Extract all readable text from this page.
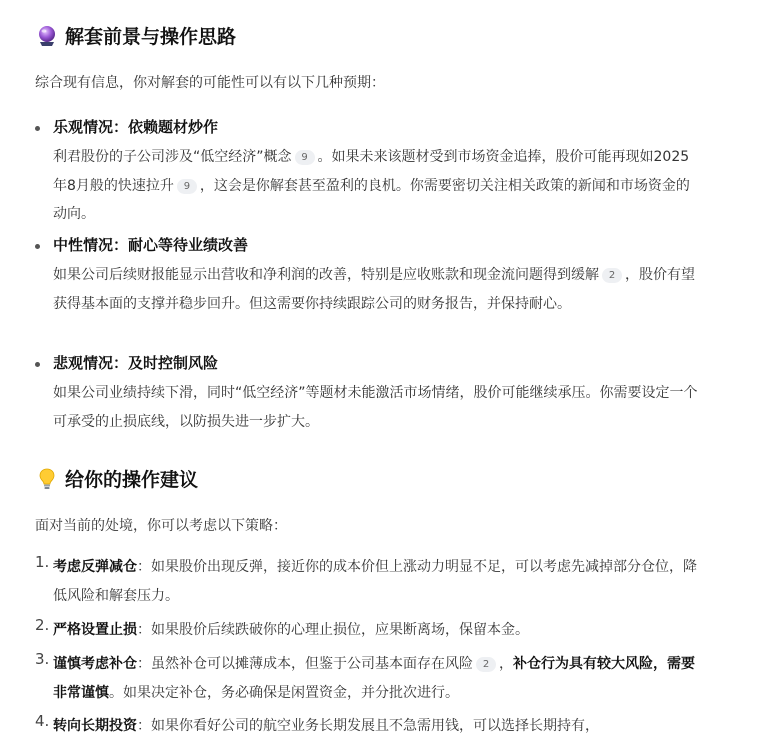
解套前景与操作思路
综合现有信息，你对解套的可能性可以有以下几种预期：
乐观情况：依赖题材炒作
利君股份的子公司涉及“低空经济”概念 9 。如果未来该题材受到市场资金追捧，股价可能再现如2025年8月般的快速拉升 9 ，这会是你解套甚至盈利的良机。你需要密切关注相关政策的新闻和市场资金的动向。
中性情况：耐心等待业绩改善
如果公司后续财报能显示出营收和净利润的改善，特别是应收账款和现金流问题得到缓解 2 ，股价有望获得基本面的支撑并稳步回升。但这需要你持续跟踪公司的财务报告，并保持耐心。
悲观情况：及时控制风险
如果公司业绩持续下滑，同时“低空经济”等题材未能激活市场情绪，股价可能继续承压。你需要设定一个可承受的止损底线，以防损失进一步扩大。
给你的操作建议
面对当前的处境，你可以考虑以下策略：
1. 考虑反弹减仓：如果股价出现反弹，接近你的成本价但上涨动力明显不足，可以考虑先减掉部分仓位，降低风险和解套压力。
2. 严格设置止损：如果股价后续跌破你的心理止损位，应果断离场，保留本金。
3. 谨慎考虑补仓：虽然补仓可以摊薄成本，但鉴于公司基本面存在风险 2 ，补仓行为具有较大风险，需要非常谨慎。如果决定补仓，务必确保是闲置资金，并分批次进行。
4. 转向长期投资：如果你看好公司的航空业务长期发展且不急需用钱，可以选择长期持有，
